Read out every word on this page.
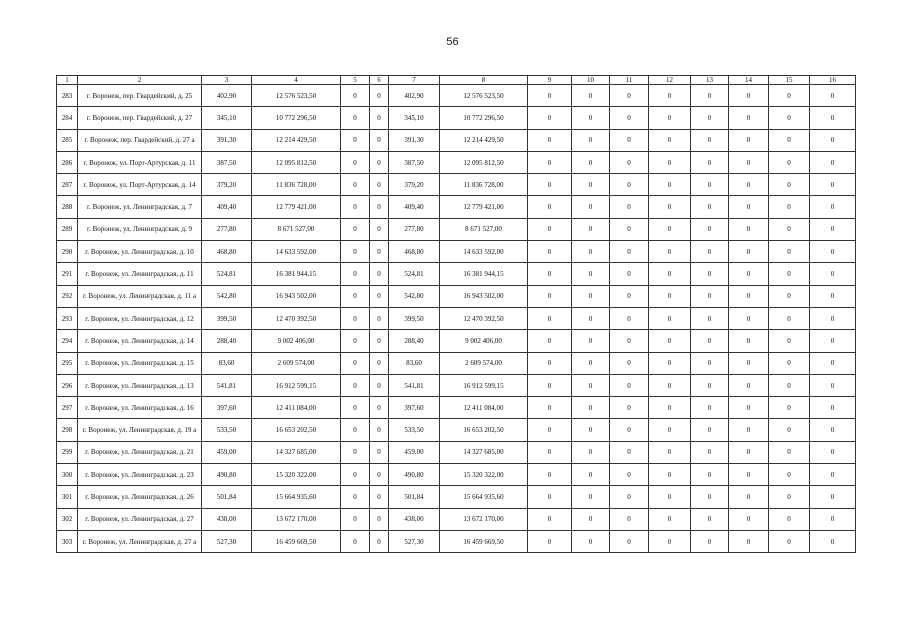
56
1	2	3	4	5	6	7	8	9	10	11	12	13	14	15	16
283	г. Воронеж, пер. Гвардейский, д. 25	402,90	12 576 523,50	0	0	402,90	12 576 523,50	0	0	0	0	0	0	0	0
284	г. Воронеж, пер. Гвардейский, д. 27	345,10	10 772 296,50	0	0	345,10	10 772 296,50	0	0	0	0	0	0	0	0
285	г. Воронеж, пер. Гвардейский, д. 27 а	391,30	12 214 429,50	0	0	391,30	12 214 429,50	0	0	0	0	0	0	0	0
286	г. Воронеж, ул. Порт-Артурская, д. 11	387,50	12 095 812,50	0	0	387,50	12 095 812,50	0	0	0	0	0	0	0	0
287	г. Воронеж, ул. Порт-Артурская, д. 14	379,20	11 836 728,00	0	0	379,20	11 836 728,00	0	0	0	0	0	0	0	0
288	г. Воронеж, ул. Ленинградская, д. 7	409,40	12 779 421,00	0	0	409,40	12 779 421,00	0	0	0	0	0	0	0	0
289	г. Воронеж, ул. Ленинградская, д. 9	277,80	8 671 527,00	0	0	277,80	8 671 527,00	0	0	0	0	0	0	0	0
290	г. Воронеж, ул. Ленинградская, д. 10	468,80	14 633 592,00	0	0	468,80	14 633 592,00	0	0	0	0	0	0	0	0
291	г. Воронеж, ул. Ленинградская, д. 11	524,81	16 381 944,15	0	0	524,81	16 381 944,15	0	0	0	0	0	0	0	0
292	г. Воронеж, ул. Ленинградская, д. 11 а	542,80	16 943 502,00	0	0	542,80	16 943 502,00	0	0	0	0	0	0	0	0
293	г. Воронеж, ул. Ленинградская, д. 12	399,50	12 470 392,50	0	0	399,50	12 470 392,50	0	0	0	0	0	0	0	0
294	г. Воронеж, ул. Ленинградская, д. 14	288,40	9 002 406,00	0	0	288,40	9 002 406,00	0	0	0	0	0	0	0	0
295	г. Воронеж, ул. Ленинградская, д. 15	83,60	2 609 574,00	0	0	83,60	2 609 574,00	0	0	0	0	0	0	0	0
296	г. Воронеж, ул. Ленинградская, д. 13	541,81	16 912 599,15	0	0	541,81	16 912 599,15	0	0	0	0	0	0	0	0
297	г. Воронеж, ул. Ленинградская, д. 16	397,60	12 411 084,00	0	0	397,60	12 411 084,00	0	0	0	0	0	0	0	0
298	г. Воронеж, ул. Ленинградская, д. 19 а	533,50	16 653 202,50	0	0	533,50	16 653 202,50	0	0	0	0	0	0	0	0
299	г. Воронеж, ул. Ленинградская, д. 21	459,00	14 327 685,00	0	0	459,00	14 327 685,00	0	0	0	0	0	0	0	0
300	г. Воронеж, ул. Ленинградская, д. 23	490,80	15 320 322,00	0	0	490,80	15 320 322,00	0	0	0	0	0	0	0	0
301	г. Воронеж, ул. Ленинградская, д. 26	501,84	15 664 935,60	0	0	501,84	15 664 935,60	0	0	0	0	0	0	0	0
302	г. Воронеж, ул. Ленинградская, д. 27	438,00	13 672 170,00	0	0	438,00	13 672 170,00	0	0	0	0	0	0	0	0
303	г. Воронеж, ул. Ленинградская, д. 27 а	527,30	16 459 669,50	0	0	527,30	16 459 669,50	0	0	0	0	0	0	0	0
